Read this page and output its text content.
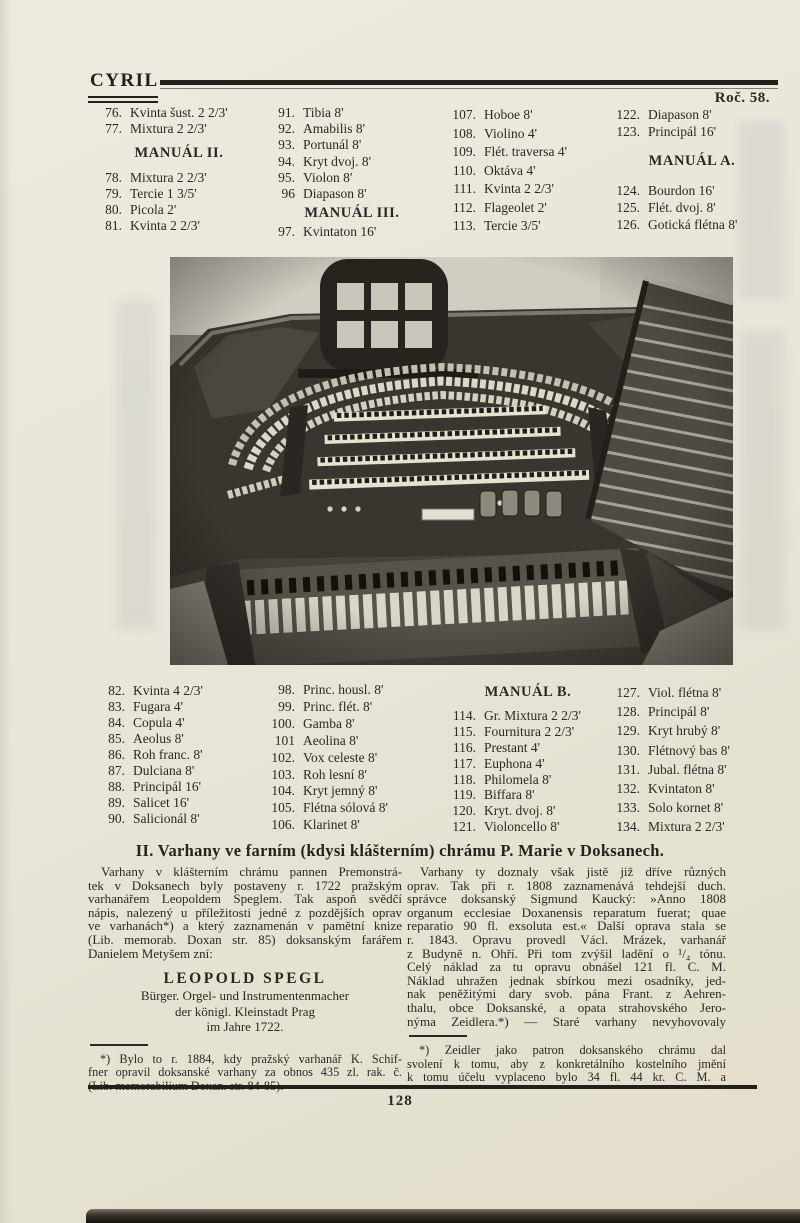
CYRIL
Roč. 58.
76. Kvinta šust. 2 2/3'
77. Mixtura 2 2/3'
MANUÁL II.
78. Mixtura 2 2/3'
79. Tercie 1 3/5'
80. Picola 2'
81. Kvinta 2 2/3'
91. Tibia 8'
92. Amabilis 8'
93. Portunál 8'
94. Kryt dvoj. 8'
95. Violon 8'
96 Diapason 8'
MANUÁL III.
97. Kvintaton 16'
107. Hoboe 8'
108. Violino 4'
109. Flét. traversa 4'
110. Oktáva 4'
111. Kvinta 2 2/3'
112. Flageolet 2'
113. Tercie 3/5'
122. Diapason 8'
123. Principál 16'
MANUÁL A.
124. Bourdon 16'
125. Flét. dvoj. 8'
126. Gotická flétna 8'
82. Kvinta 4 2/3'
83. Fugara 4'
84. Copula 4'
85. Aeolus 8'
86. Roh franc. 8'
87. Dulciana 8'
88. Principál 16'
89. Salicet 16'
90. Salicionál 8'
98. Princ. housl. 8'
99. Princ. flét. 8'
100. Gamba 8'
101 Aeolina 8'
102. Vox celeste 8'
103. Roh lesní 8'
104. Kryt jemný 8'
105. Flétna sólová 8'
106. Klarinet 8'
MANUÁL B.
114. Gr. Mixtura 2 2/3'
115. Fournitura 2 2/3'
116. Prestant 4'
117. Euphona 4'
118. Philomela 8'
119. Biffara 8'
120. Kryt. dvoj. 8'
121. Violoncello 8'
127. Viol. flétna 8'
128. Principál 8'
129. Kryt hrubý 8'
130. Flétnový bas 8'
131. Jubal. flétna 8'
132. Kvintaton 8'
133. Solo kornet 8'
134. Mixtura 2 2/3'
II. Varhany ve farním (kdysi klášterním) chrámu P. Marie v Doksanech.
Varhany v klášterním chrámu pannen Premonstrá-
tek v Doksanech byly postaveny r. 1722 pražským
varhanářem Leopoldem Speglem. Tak aspoň svědčí
nápis, nalezený u příležitosti jedné z pozdějších oprav
ve varhanách*) a který zaznamenán v pamětní knize
(Lib. memorab. Doxan str. 85) doksanským farářem
Danielem Metyšem zní:
LEOPOLD SPEGL
Bürger. Orgel- und Instrumentenmacher
der königl. Kleinstadt Prag
im Jahre 1722.
*) Bylo to r. 1884, kdy pražský varhanář K. Schif-
fner opravil doksanské varhany za obnos 435 zl. rak. č.
Varhany ty doznaly však jistě již dříve různých
oprav. Tak při r. 1808 zaznamenává tehdejší duch.
správce doksanský Sigmund Kaucký: »Anno 1808
organum ecclesiae Doxanensis reparatum fuerat; quae
reparatio 90 fl. exsoluta est.« Další oprava stala se
r. 1843. Opravu provedl Václ. Mrázek, varhanář
z Budyně n. Ohří. Při tom zvýšil ladění o ¹/₄ tónu.
Celý náklad za tu opravu obnášel 121 fl. C. M.
Náklad uhražen jednak sbírkou mezi osadníky, jed-
nak peněžitými dary svob. pána Frant. z Aehren-
thalu, obce Doksanské, a opata strahovského Jero-
nýma Zeidlera.*) — Staré varhany nevyhovovaly
*) Zeidler jako patron doksanského chrámu dal
svolení k tomu, aby z konkretálního kostelního jmění
k tomu účelu vyplaceno bylo 34 fl. 44 kr. C. M. a
128
